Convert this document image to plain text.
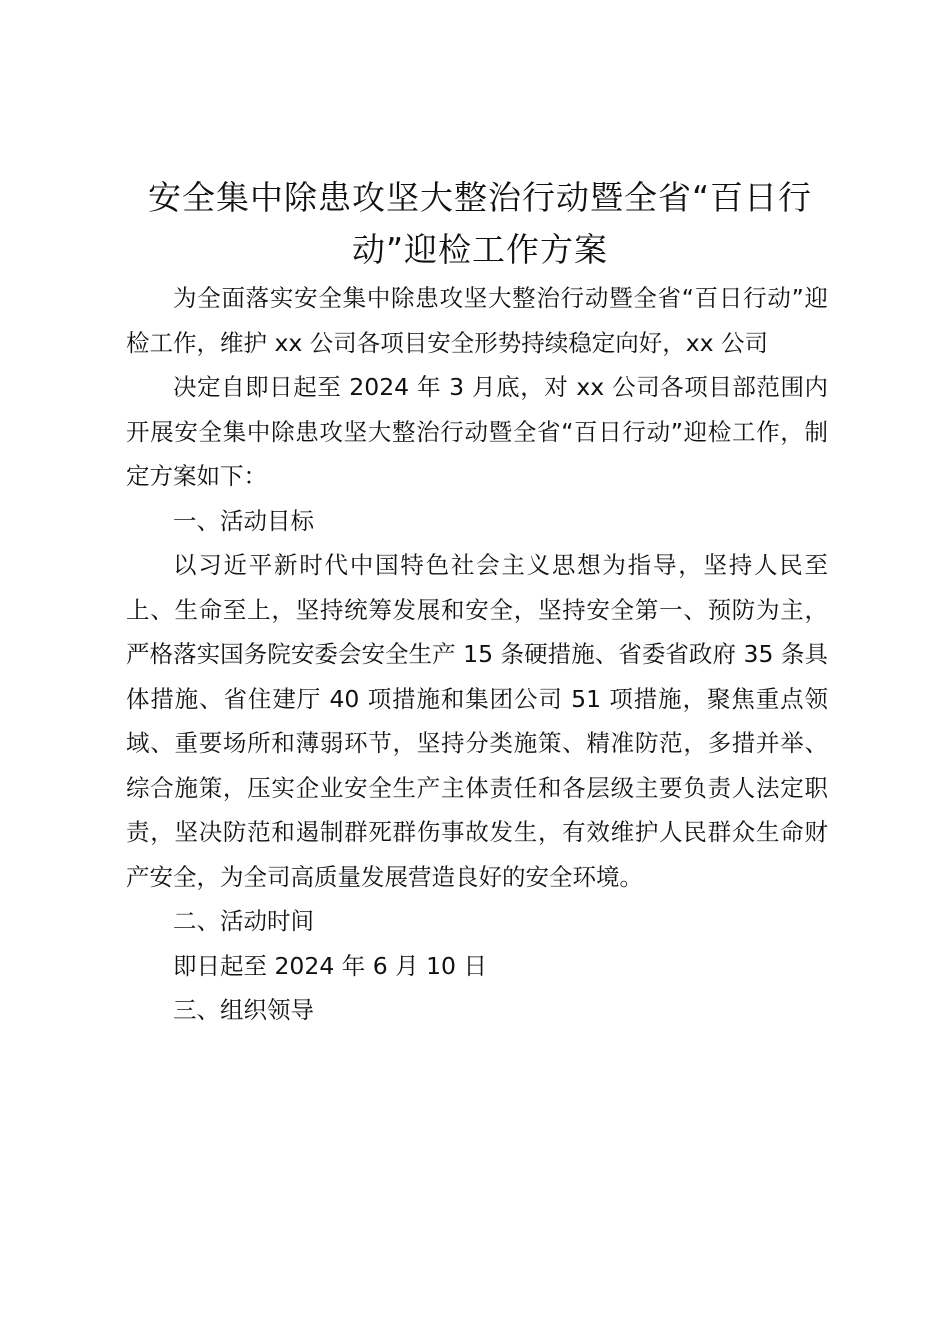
安全集中除患攻坚大整治行动暨全省“百日行动”迎检工作方案

为全面落实安全集中除患攻坚大整治行动暨全省“百日行动”迎检工作，维护 xx 公司各项目安全形势持续稳定向好，xx 公司

决定自即日起至 2024 年 3 月底，对 xx 公司各项目部范围内开展安全集中除患攻坚大整治行动暨全省“百日行动”迎检工作，制定方案如下：

一、活动目标

以习近平新时代中国特色社会主义思想为指导，坚持人民至上、生命至上，坚持统筹发展和安全，坚持安全第一、预防为主，严格落实国务院安委会安全生产 15 条硬措施、省委省政府 35 条具体措施、省住建厅 40 项措施和集团公司 51 项措施，聚焦重点领域、重要场所和薄弱环节，坚持分类施策、精准防范，多措并举、综合施策，压实企业安全生产主体责任和各层级主要负责人法定职责，坚决防范和遏制群死群伤事故发生，有效维护人民群众生命财产安全，为全司高质量发展营造良好的安全环境。

二、活动时间

即日起至 2024 年 6 月 10 日

三、组织领导
